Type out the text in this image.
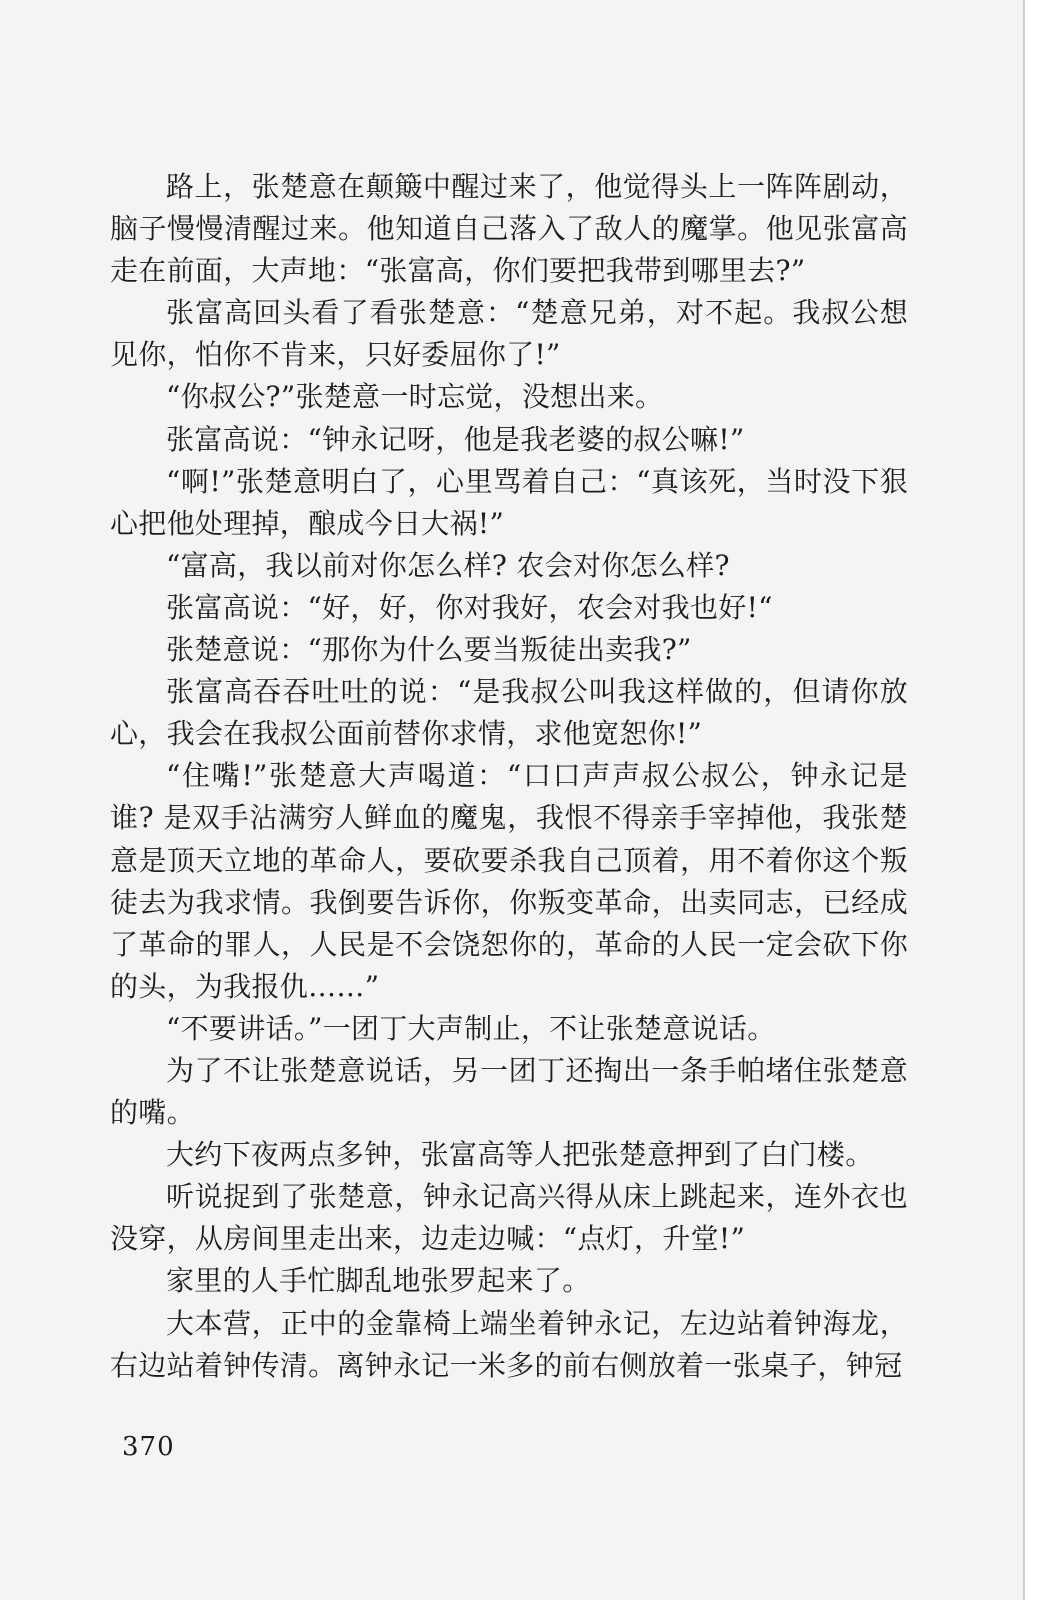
路上，张楚意在颠簸中醒过来了，他觉得头上一阵阵剧动，脑子慢慢清醒过来。他知道自己落入了敌人的魔掌。他见张富高走在前面，大声地：“张富高，你们要把我带到哪里去?”

张富高回头看了看张楚意：“楚意兄弟，对不起。我叔公想见你，怕你不肯来，只好委屈你了!”

“你叔公?”张楚意一时忘觉，没想出来。

张富高说：“钟永记呀，他是我老婆的叔公嘛!”

“啊!”张楚意明白了，心里骂着自己：“真该死，当时没下狠心把他处理掉，酿成今日大祸!”

“富高，我以前对你怎么样? 农会对你怎么样?

张富高说：“好，好，你对我好，农会对我也好!“

张楚意说：“那你为什么要当叛徒出卖我?”

张富高吞吞吐吐的说：“是我叔公叫我这样做的，但请你放心，我会在我叔公面前替你求情，求他宽恕你!”

“住嘴!”张楚意大声喝道：“口口声声叔公叔公，钟永记是谁? 是双手沾满穷人鲜血的魔鬼，我恨不得亲手宰掉他，我张楚意是顶天立地的革命人，要砍要杀我自己顶着，用不着你这个叛徒去为我求情。我倒要告诉你，你叛变革命，出卖同志，已经成了革命的罪人，人民是不会饶恕你的，革命的人民一定会砍下你的头，为我报仇……”

“不要讲话。”一团丁大声制止，不让张楚意说话。

为了不让张楚意说话，另一团丁还掏出一条手帕堵住张楚意的嘴。

大约下夜两点多钟，张富高等人把张楚意押到了白门楼。

听说捉到了张楚意，钟永记高兴得从床上跳起来，连外衣也没穿，从房间里走出来，边走边喊：“点灯，升堂!”

家里的人手忙脚乱地张罗起来了。

大本营，正中的金靠椅上端坐着钟永记，左边站着钟海龙，右边站着钟传清。离钟永记一米多的前右侧放着一张桌子，钟冠

370
